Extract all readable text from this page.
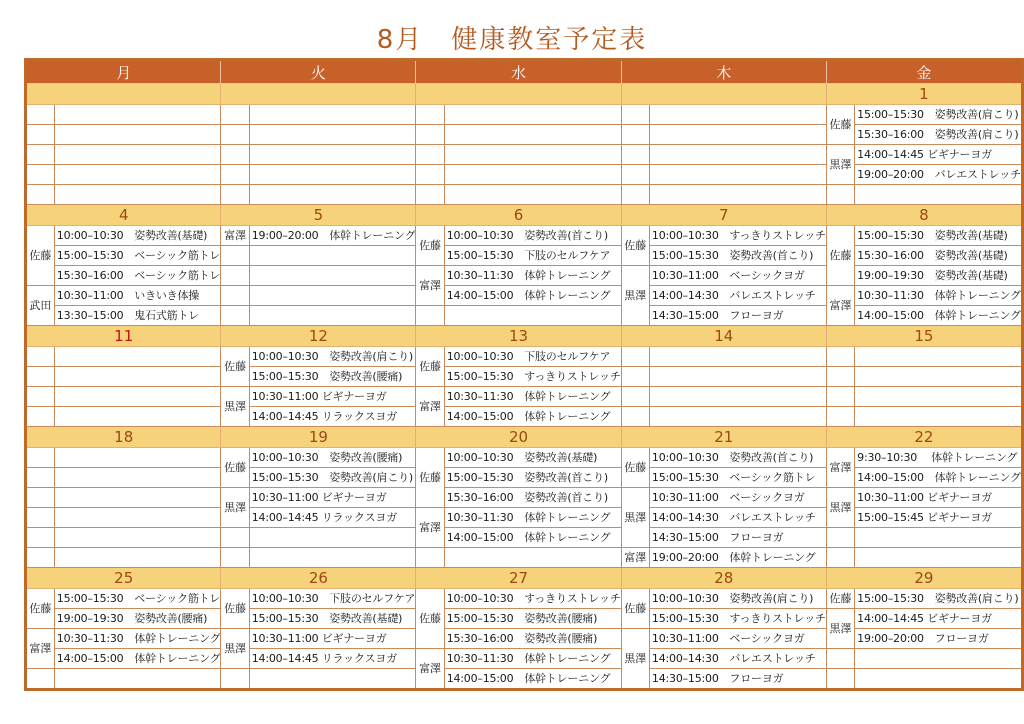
8月　健康教室予定表
月		火		水		木		金	
								1	
								佐藤	15:00–15:30　姿勢改善(肩こり)
									15:30–16:00　姿勢改善(肩こり)
								黒澤	14:00–14:45 ビギナーヨガ
									19:00–20:00　バレエストレッチ

4		5		6		7		8	
佐藤	10:00–10:30　姿勢改善(基礎)	富澤	19:00–20:00　体幹トレーニング	佐藤	10:00–10:30　姿勢改善(首こり)	佐藤	10:00–10:30　すっきりストレッチ	佐藤	15:00–15:30　姿勢改善(基礎)
	15:00–15:30　ベーシック筋トレ				15:00–15:30　下肢のセルフケア		15:00–15:30　姿勢改善(首こり)		15:30–16:00　姿勢改善(基礎)
	15:30–16:00　ベーシック筋トレ			富澤	10:30–11:30　体幹トレーニング	黒澤	10:30–11:00　ベーシックヨガ		19:00–19:30　姿勢改善(基礎)
武田	10:30–11:00　いきいき体操				14:00–15:00　体幹トレーニング		14:00–14:30　バレエストレッチ	富澤	10:30–11:30　体幹トレーニング
	13:30–15:00　鬼石式筋トレ						14:30–15:00　フローヨガ		14:00–15:00　体幹トレーニング
11		12		13		14		15	
		佐藤	10:00–10:30　姿勢改善(肩こり)	佐藤	10:00–10:30　下肢のセルフケア				
			15:00–15:30　姿勢改善(腰痛)		15:00–15:30　すっきりストレッチ				
		黒澤	10:30–11:00 ビギナーヨガ	富澤	10:30–11:30　体幹トレーニング				
			14:00–14:45 リラックスヨガ		14:00–15:00　体幹トレーニング				
18		19		20		21		22	
		佐藤	10:00–10:30　姿勢改善(腰痛)	佐藤	10:00–10:30　姿勢改善(基礎)	佐藤	10:00–10:30　姿勢改善(首こり)	富澤	9:30–10:30　 体幹トレーニング
			15:00–15:30　姿勢改善(肩こり)		15:00–15:30　姿勢改善(首こり)		15:00–15:30　ベーシック筋トレ		14:00–15:00　体幹トレーニング
		黒澤	10:30–11:00 ビギナーヨガ		15:30–16:00　姿勢改善(首こり)	黒澤	10:30–11:00　ベーシックヨガ	黒澤	10:30–11:00 ビギナーヨガ
			14:00–14:45 リラックスヨガ	富澤	10:30–11:30　体幹トレーニング		14:00–14:30　バレエストレッチ		15:00–15:45 ビギナーヨガ
					14:00–15:00　体幹トレーニング		14:30–15:00　フローヨガ		
						富澤	19:00–20:00　体幹トレーニング		
25		26		27		28		29	
佐藤	15:00–15:30　ベーシック筋トレ	佐藤	10:00–10:30　下肢のセルフケア	佐藤	10:00–10:30　すっきりストレッチ	佐藤	10:00–10:30　姿勢改善(肩こり)	佐藤	15:00–15:30　姿勢改善(肩こり)
	19:00–19:30　姿勢改善(腰痛)		15:00–15:30　姿勢改善(基礎)		15:00–15:30　姿勢改善(腰痛)		15:00–15:30　すっきりストレッチ	黒澤	14:00–14:45 ビギナーヨガ
富澤	10:30–11:30　体幹トレーニング	黒澤	10:30–11:00 ビギナーヨガ		15:30–16:00　姿勢改善(腰痛)	黒澤	10:30–11:00　ベーシックヨガ		19:00–20:00　フローヨガ
	14:00–15:00　体幹トレーニング		14:00–14:45 リラックスヨガ	富澤	10:30–11:30　体幹トレーニング		14:00–14:30　バレエストレッチ		
					14:00–15:00　体幹トレーニング		14:30–15:00　フローヨガ		
